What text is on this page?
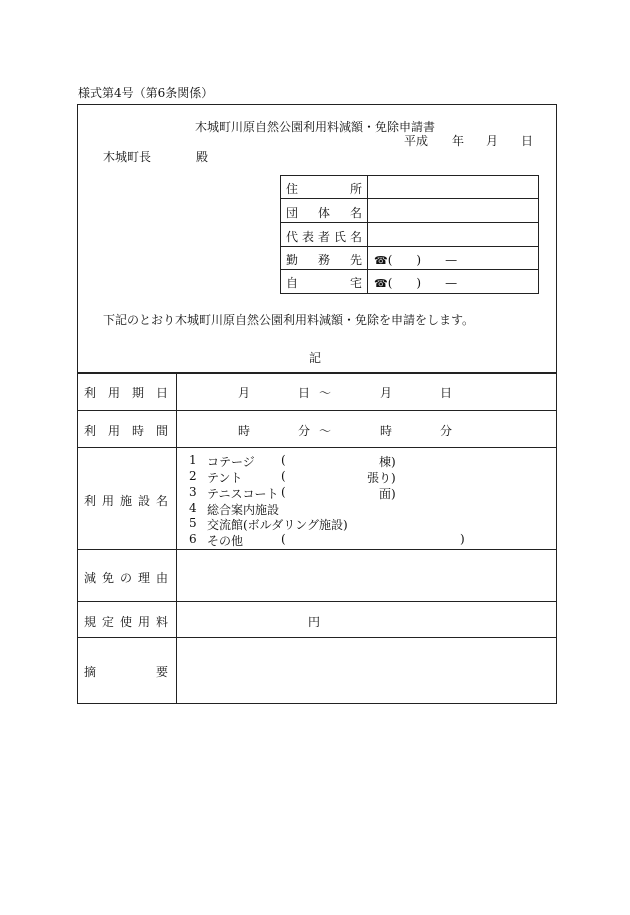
様式第4号（第6条関係）
木城町川原自然公園利用料減額・免除申請書
平成 年 月 日
木城町長	殿
住	所
団 体 名
代 表 者 氏 名
勤 務 先 ☎(　　)　　—
自	宅 ☎(　　)　　—
下記のとおり木城町川原自然公園利用料減額・免除を申請をします。
記
利 用 期 日	月	日 ～	月	日
利 用 時 間	時	分 ～	時	分
利 用 施 設 名
1 コテージ (	棟)
2 テント	(	張り)
3 テニスコート (	面)
4 総合案内施設
5 交流館(ボルダリング施設)
6 その他	(	)
減 免 の 理 由
規 定 使 用 料	円
摘	要
